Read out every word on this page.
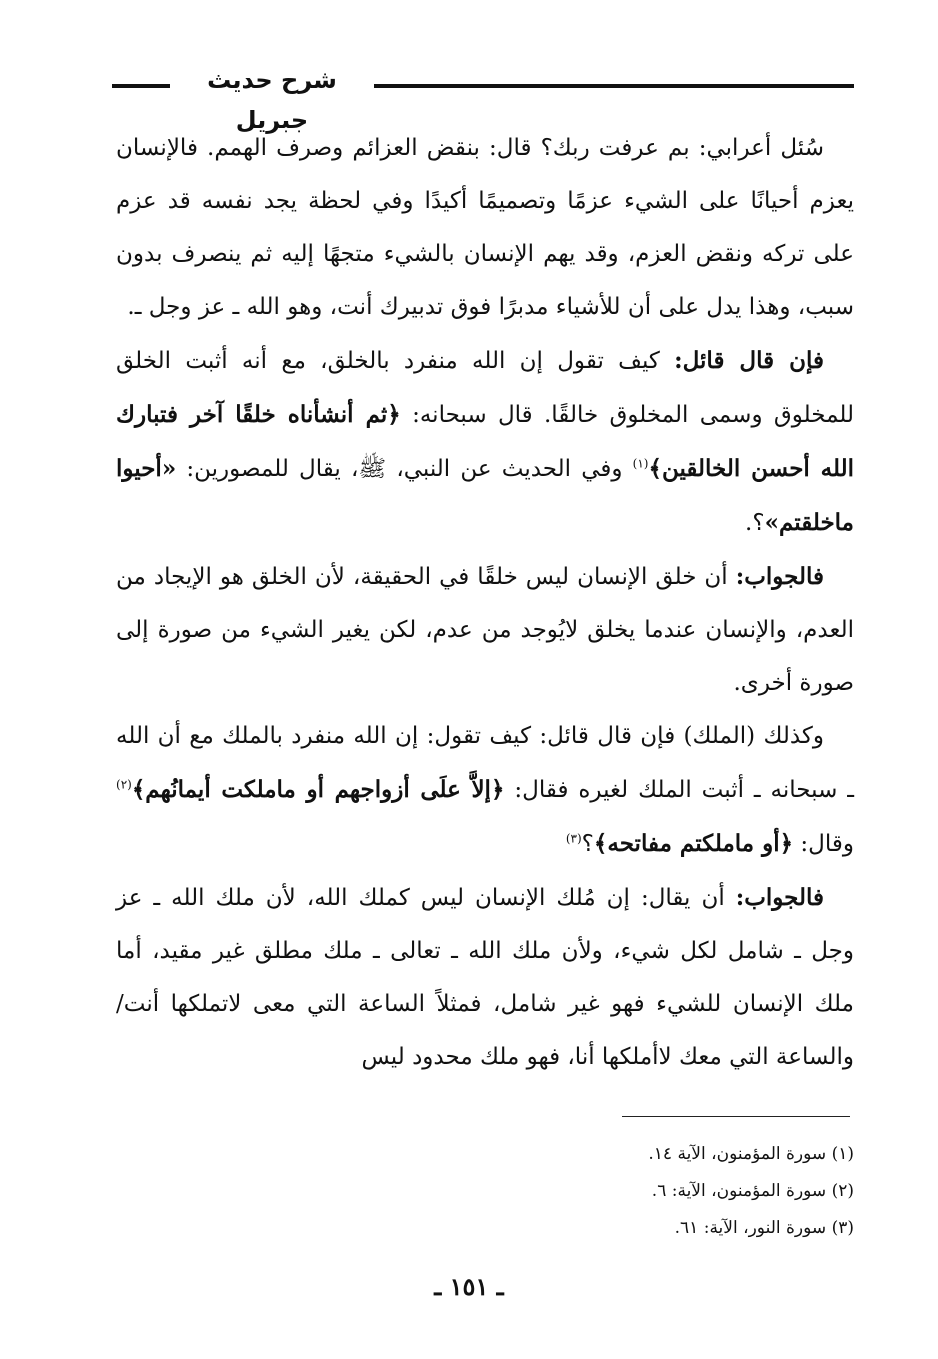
شرح حديث جبريل

سُئل أعرابي: بم عرفت ربك؟ قال: بنقض العزائم وصرف الهمم. فالإنسان يعزم أحيانًا على الشيء عزمًا وتصميمًا أكيدًا وفي لحظة يجد نفسه قد عزم على تركه ونقض العزم، وقد يهم الإنسان بالشيء متجهًا إليه ثم ينصرف بدون سبب، وهذا يدل على أن للأشياء مدبرًا فوق تدبيرك أنت، وهو الله ـ عز وجل ـ.

فإن قال قائل: كيف تقول إن الله منفرد بالخلق، مع أنه أثبت الخلق للمخلوق وسمى المخلوق خالقًا. قال سبحانه: ﴿ثم أنشأناه خلقًا آخر فتبارك الله أحسن الخالقين﴾$^{(١)}$ وفي الحديث عن النبي، ﷺ، يقال للمصورين: «أحيوا ماخلقتم»؟.

فالجواب: أن خلق الإنسان ليس خلقًا في الحقيقة، لأن الخلق هو الإيجاد من العدم، والإنسان عندما يخلق لايُوجد من عدم، لكن يغير الشيء من صورة إلى صورة أخرى.

وكذلك (الملك) فإن قال قائل: كيف تقول: إن الله منفرد بالملك مع أن الله ـ سبحانه ـ أثبت الملك لغيره فقال: ﴿إلاَّ علَى أزواجهم أو ماملكت أيمانُهم﴾$^{(٢)}$ وقال: ﴿أو ماملكتم مفاتحه﴾؟$^{(٣)}$

فالجواب: أن يقال: إن مُلك الإنسان ليس كملك الله، لأن ملك الله ـ عز وجل ـ شامل لكل شيء، ولأن ملك الله ـ تعالى ـ ملك مطلق غير مقيد، أما ملك الإنسان للشيء فهو غير شامل، فمثلاً الساعة التي معى لاتملكها أنت/ والساعة التي معك لاأملكها أنا، فهو ملك محدود ليس

(١) سورة المؤمنون، الآية ١٤.

(٢) سورة المؤمنون، الآية: ٦.

(٣) سورة النور، الآية: ٦١.

ـ ١٥١ ـ
